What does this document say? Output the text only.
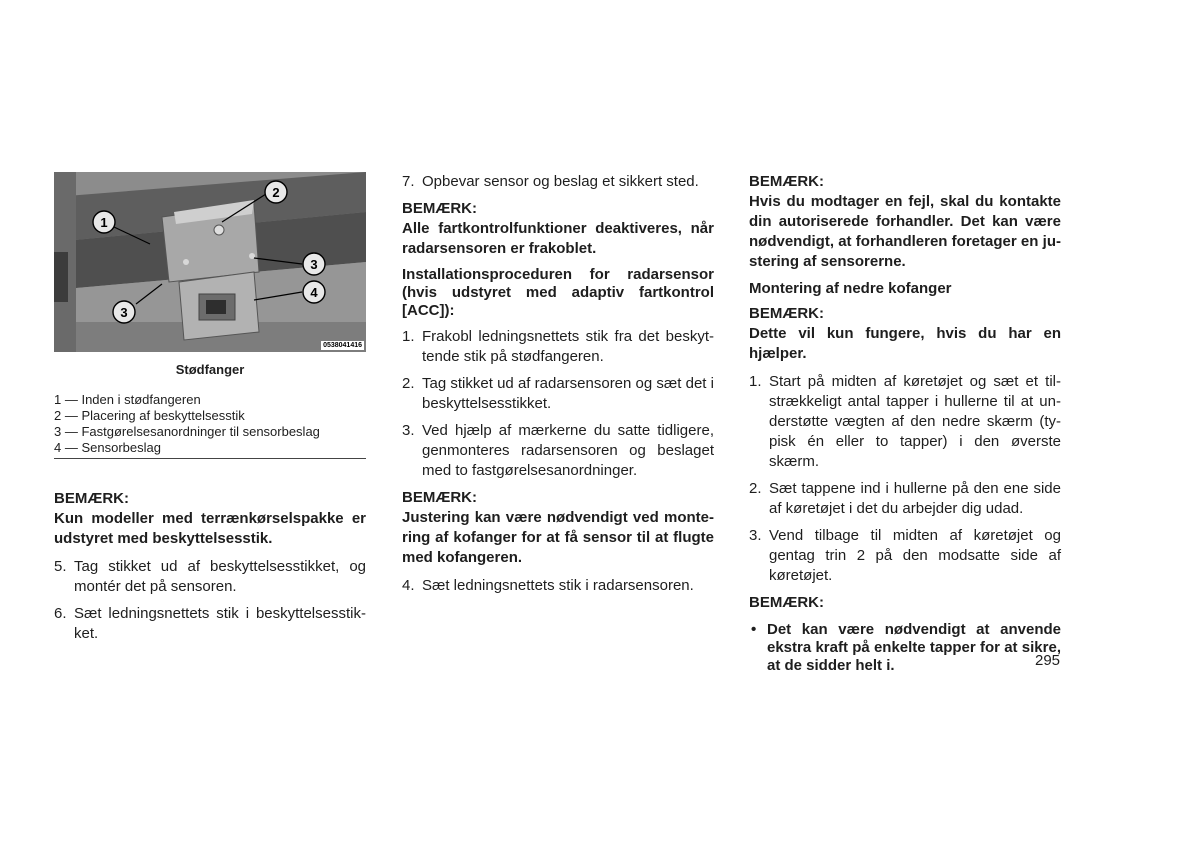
1
2
3
3
4
0538041416
Stødfanger
1 — Inden i stødfangeren
2 — Placering af beskyttelsesstik
3 — Fastgørelsesanordninger til sensorbeslag
4 — Sensorbeslag
BEMÆRK:
Kun modeller med terrænkørselspakke er udstyret med beskyttelsesstik.
5. Tag stikket ud af beskyttelsesstikket, og montér det på sensoren.
6. Sæt ledningsnettets stik i beskyttelsesstikket.
7. Opbevar sensor og beslag et sikkert sted.
BEMÆRK:
Alle fartkontrolfunktioner deaktiveres, når radarsensoren er frakoblet.
Installationsproceduren for radarsensor (hvis udstyret med adaptiv fartkontrol [ACC]):
1. Frakobl ledningsnettets stik fra det beskyttende stik på stødfangeren.
2. Tag stikket ud af radarsensoren og sæt det i beskyttelsesstikket.
3. Ved hjælp af mærkerne du satte tidligere, genmonteres radarsensoren og beslaget med to fastgørelsesanordninger.
BEMÆRK:
Justering kan være nødvendigt ved montering af kofanger for at få sensor til at flugte med kofangeren.
4. Sæt ledningsnettets stik i radarsensoren.
BEMÆRK:
Hvis du modtager en fejl, skal du kontakte din autoriserede forhandler. Det kan være nødvendigt, at forhandleren foretager en justering af sensorerne.
Montering af nedre kofanger
BEMÆRK:
Dette vil kun fungere, hvis du har en hjælper.
1. Start på midten af køretøjet og sæt et tilstrækkeligt antal tapper i hullerne til at understøtte vægten af den nedre skærm (typisk én eller to tapper) i den øverste skærm.
2. Sæt tappene ind i hullerne på den ene side af køretøjet i det du arbejder dig udad.
3. Vend tilbage til midten af køretøjet og gentag trin 2 på den modsatte side af køretøjet.
BEMÆRK:
• Det kan være nødvendigt at anvende ekstra kraft på enkelte tapper for at sikre, at de sidder helt i.	295
